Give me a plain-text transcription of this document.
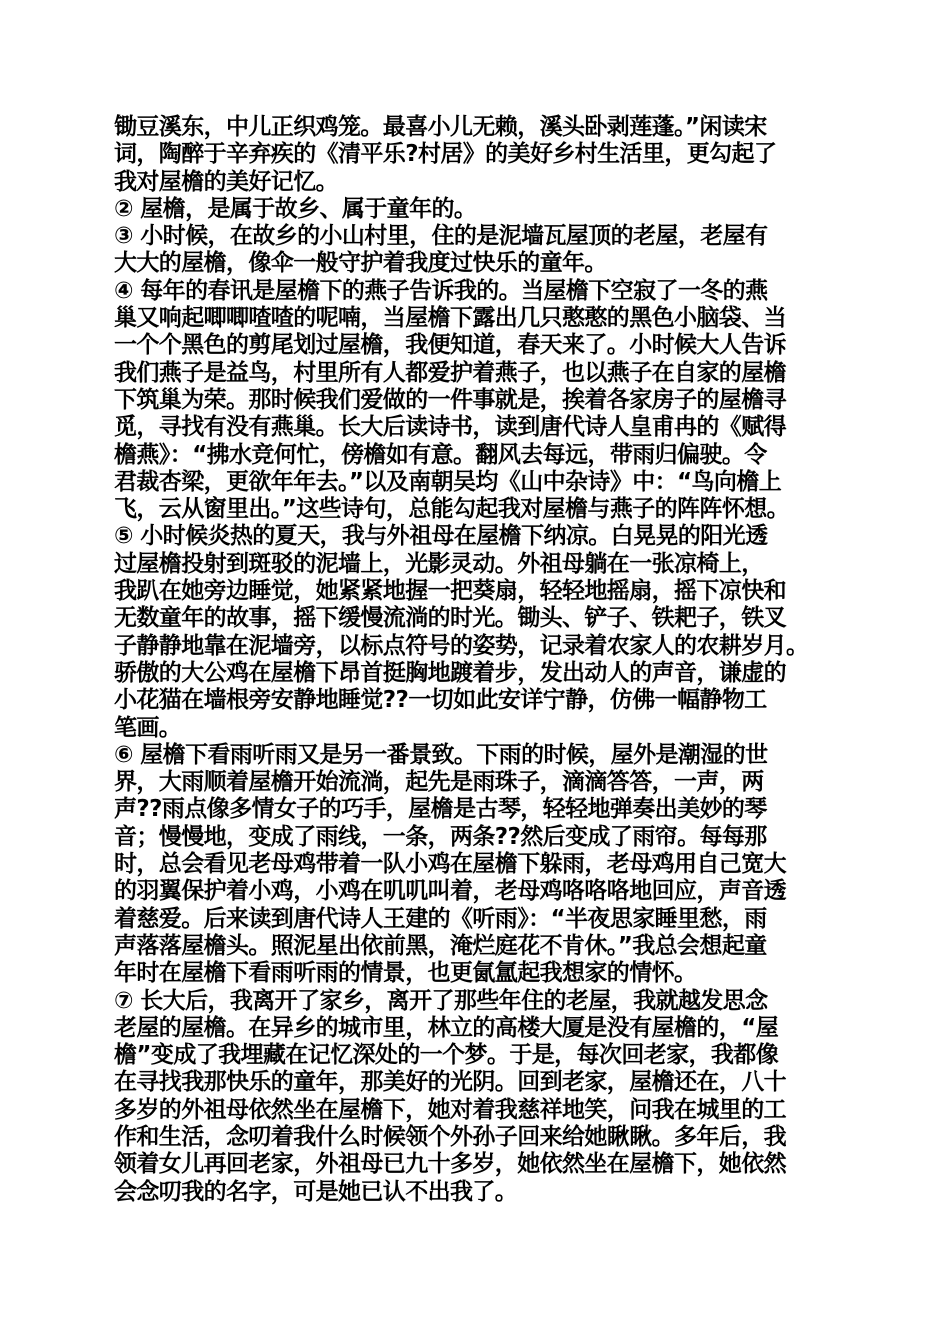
锄豆溪东，中儿正织鸡笼。最喜小儿无赖，溪头卧剥莲蓬。”闲读宋
词，陶醉于辛弃疾的《清平乐?村居》的美好乡村生活里，更勾起了
我对屋檐的美好记忆。
② 屋檐，是属于故乡、属于童年的。
③ 小时候，在故乡的小山村里，住的是泥墙瓦屋顶的老屋，老屋有
大大的屋檐，像伞一般守护着我度过快乐的童年。
④ 每年的春讯是屋檐下的燕子告诉我的。当屋檐下空寂了一冬的燕
巢又响起唧唧喳喳的呢喃，当屋檐下露出几只憨憨的黑色小脑袋、当
一个个黑色的剪尾划过屋檐，我便知道，春天来了。小时候大人告诉
我们燕子是益鸟，村里所有人都爱护着燕子，也以燕子在自家的屋檐
下筑巢为荣。那时候我们爱做的一件事就是，挨着各家房子的屋檐寻
觅，寻找有没有燕巢。长大后读诗书，读到唐代诗人皇甫冉的《赋得
檐燕》：“拂水竞何忙，傍檐如有意。翻风去每远，带雨归偏驶。令
君裁杏梁，更欲年年去。”以及南朝吴均《山中杂诗》中：“鸟向檐上
飞，云从窗里出。”这些诗句，总能勾起我对屋檐与燕子的阵阵怀想。
⑤ 小时候炎热的夏天，我与外祖母在屋檐下纳凉。白晃晃的阳光透
过屋檐投射到斑驳的泥墙上，光影灵动。外祖母躺在一张凉椅上，
我趴在她旁边睡觉，她紧紧地握一把葵扇，轻轻地摇扇，摇下凉快和
无数童年的故事，摇下缓慢流淌的时光。锄头、铲子、铁耙子，铁叉
子静静地靠在泥墙旁，以标点符号的姿势，记录着农家人的农耕岁月。
骄傲的大公鸡在屋檐下昂首挺胸地踱着步，发出动人的声音，谦虚的
小花猫在墙根旁安静地睡觉??一切如此安详宁静，仿佛一幅静物工
笔画。
⑥ 屋檐下看雨听雨又是另一番景致。下雨的时候，屋外是潮湿的世
界，大雨顺着屋檐开始流淌，起先是雨珠子，滴滴答答，一声，两
声??雨点像多情女子的巧手，屋檐是古琴，轻轻地弹奏出美妙的琴
音；慢慢地，变成了雨线，一条，两条??然后变成了雨帘。每每那
时，总会看见老母鸡带着一队小鸡在屋檐下躲雨，老母鸡用自己宽大
的羽翼保护着小鸡，小鸡在叽叽叫着，老母鸡咯咯咯地回应，声音透
着慈爱。后来读到唐代诗人王建的《听雨》：“半夜思家睡里愁，雨
声落落屋檐头。照泥星出依前黑，淹烂庭花不肯休。”我总会想起童
年时在屋檐下看雨听雨的情景，也更氤氲起我想家的情怀。
⑦ 长大后，我离开了家乡，离开了那些年住的老屋，我就越发思念
老屋的屋檐。在异乡的城市里，林立的高楼大厦是没有屋檐的，“屋
檐”变成了我埋藏在记忆深处的一个梦。于是，每次回老家，我都像
在寻找我那快乐的童年，那美好的光阴。回到老家，屋檐还在，八十
多岁的外祖母依然坐在屋檐下，她对着我慈祥地笑，问我在城里的工
作和生活，念叨着我什么时候领个外孙子回来给她瞅瞅。多年后，我
领着女儿再回老家，外祖母已九十多岁，她依然坐在屋檐下，她依然
会念叨我的名字，可是她已认不出我了。
